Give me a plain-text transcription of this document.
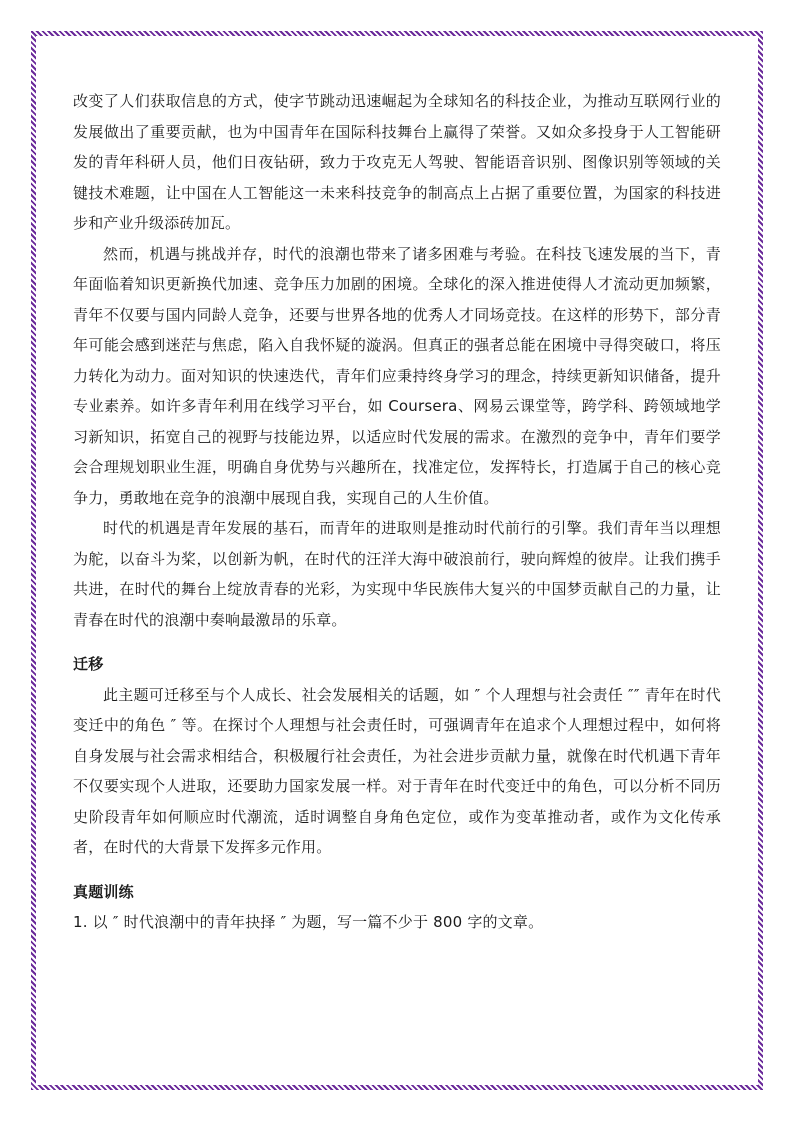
改变了人们获取信息的方式，使字节跳动迅速崛起为全球知名的科技企业，为推动互联网行业的发展做出了重要贡献，也为中国青年在国际科技舞台上赢得了荣誉。又如众多投身于人工智能研发的青年科研人员，他们日夜钻研，致力于攻克无人驾驶、智能语音识别、图像识别等领域的关键技术难题，让中国在人工智能这一未来科技竞争的制高点上占据了重要位置，为国家的科技进步和产业升级添砖加瓦。

然而，机遇与挑战并存，时代的浪潮也带来了诸多困难与考验。在科技飞速发展的当下，青年面临着知识更新换代加速、竞争压力加剧的困境。全球化的深入推进使得人才流动更加频繁，青年不仅要与国内同龄人竞争，还要与世界各地的优秀人才同场竞技。在这样的形势下，部分青年可能会感到迷茫与焦虑，陷入自我怀疑的漩涡。但真正的强者总能在困境中寻得突破口，将压力转化为动力。面对知识的快速迭代，青年们应秉持终身学习的理念，持续更新知识储备，提升专业素养。如许多青年利用在线学习平台，如 Coursera、网易云课堂等，跨学科、跨领域地学习新知识，拓宽自己的视野与技能边界，以适应时代发展的需求。在激烈的竞争中，青年们要学会合理规划职业生涯，明确自身优势与兴趣所在，找准定位，发挥特长，打造属于自己的核心竞争力，勇敢地在竞争的浪潮中展现自我，实现自己的人生价值。

时代的机遇是青年发展的基石，而青年的进取则是推动时代前行的引擎。我们青年当以理想为舵，以奋斗为桨，以创新为帆，在时代的汪洋大海中破浪前行，驶向辉煌的彼岸。让我们携手共进，在时代的舞台上绽放青春的光彩，为实现中华民族伟大复兴的中国梦贡献自己的力量，让青春在时代的浪潮中奏响最激昂的乐章。

迁移

此主题可迁移至与个人成长、社会发展相关的话题，如 ″ 个人理想与社会责任 ″″ 青年在时代变迁中的角色 ″ 等。在探讨个人理想与社会责任时，可强调青年在追求个人理想过程中，如何将自身发展与社会需求相结合，积极履行社会责任，为社会进步贡献力量，就像在时代机遇下青年不仅要实现个人进取，还要助力国家发展一样。对于青年在时代变迁中的角色，可以分析不同历史阶段青年如何顺应时代潮流，适时调整自身角色定位，或作为变革推动者，或作为文化传承者，在时代的大背景下发挥多元作用。

真题训练

1. 以 ″ 时代浪潮中的青年抉择 ″ 为题，写一篇不少于 800 字的文章。
